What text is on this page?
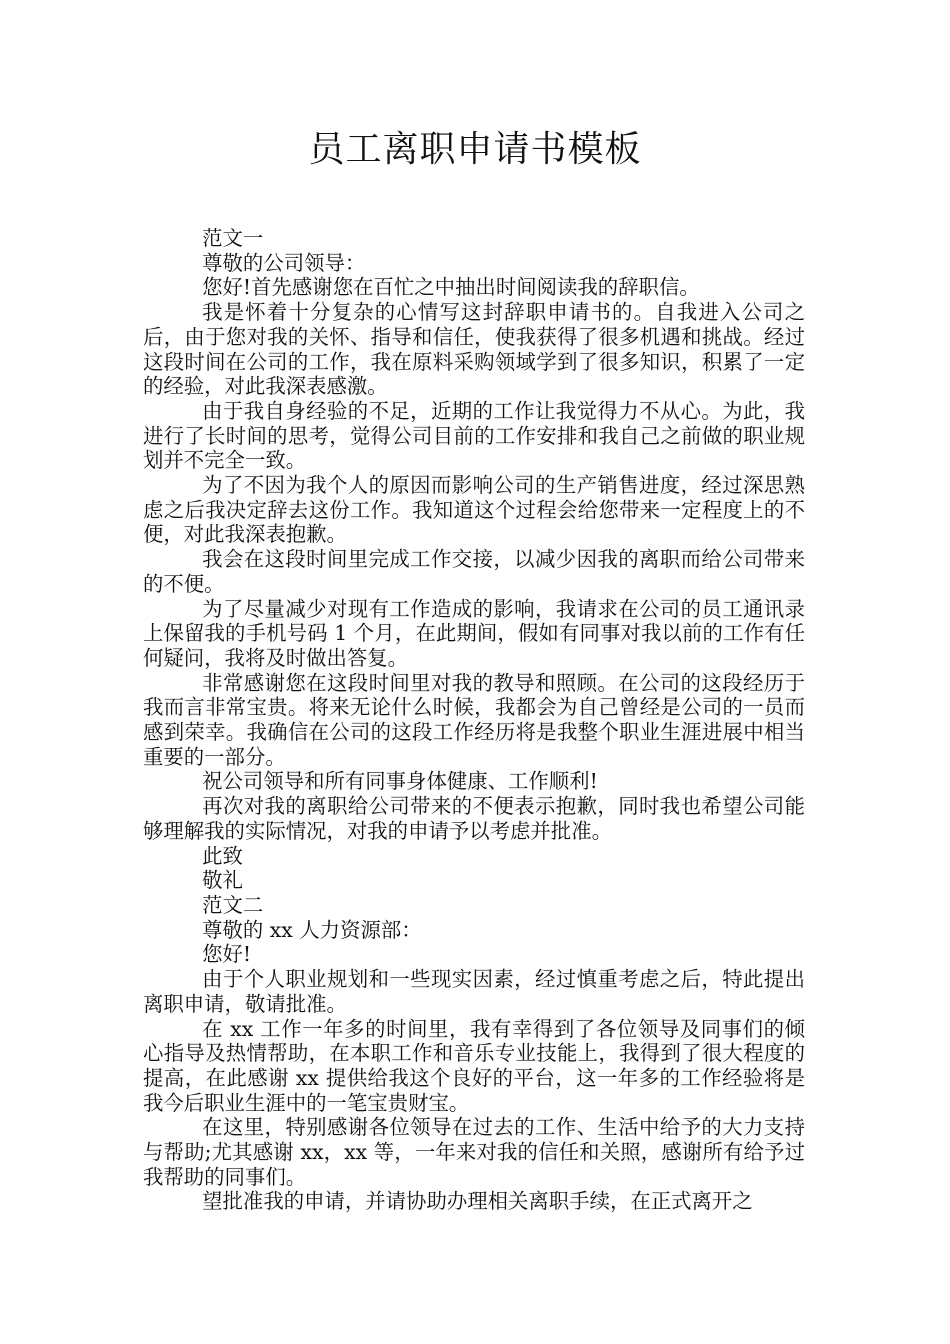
员工离职申请书模板

范文一

尊敬的公司领导：

您好!首先感谢您在百忙之中抽出时间阅读我的辞职信。

我是怀着十分复杂的心情写这封辞职申请书的。自我进入公司之后，由于您对我的关怀、指导和信任，使我获得了很多机遇和挑战。经过这段时间在公司的工作，我在原料采购领域学到了很多知识，积累了一定的经验，对此我深表感激。

由于我自身经验的不足，近期的工作让我觉得力不从心。为此，我进行了长时间的思考，觉得公司目前的工作安排和我自己之前做的职业规划并不完全一致。

为了不因为我个人的原因而影响公司的生产销售进度，经过深思熟虑之后我决定辞去这份工作。我知道这个过程会给您带来一定程度上的不便，对此我深表抱歉。

我会在这段时间里完成工作交接，以减少因我的离职而给公司带来的不便。

为了尽量减少对现有工作造成的影响，我请求在公司的员工通讯录上保留我的手机号码 1 个月，在此期间，假如有同事对我以前的工作有任何疑问，我将及时做出答复。

非常感谢您在这段时间里对我的教导和照顾。在公司的这段经历于我而言非常宝贵。将来无论什么时候，我都会为自己曾经是公司的一员而感到荣幸。我确信在公司的这段工作经历将是我整个职业生涯进展中相当重要的一部分。

祝公司领导和所有同事身体健康、工作顺利!

再次对我的离职给公司带来的不便表示抱歉，同时我也希望公司能够理解我的实际情况，对我的申请予以考虑并批准。

此致

敬礼

范文二

尊敬的 xx 人力资源部：

您好!

由于个人职业规划和一些现实因素，经过慎重考虑之后，特此提出离职申请，敬请批准。

在 xx 工作一年多的时间里，我有幸得到了各位领导及同事们的倾心指导及热情帮助，在本职工作和音乐专业技能上，我得到了很大程度的提高，在此感谢 xx 提供给我这个良好的平台，这一年多的工作经验将是我今后职业生涯中的一笔宝贵财宝。

在这里，特别感谢各位领导在过去的工作、生活中给予的大力支持与帮助;尤其感谢 xx，xx 等，一年来对我的信任和关照，感谢所有给予过我帮助的同事们。

望批准我的申请，并请协助办理相关离职手续，在正式离开之
